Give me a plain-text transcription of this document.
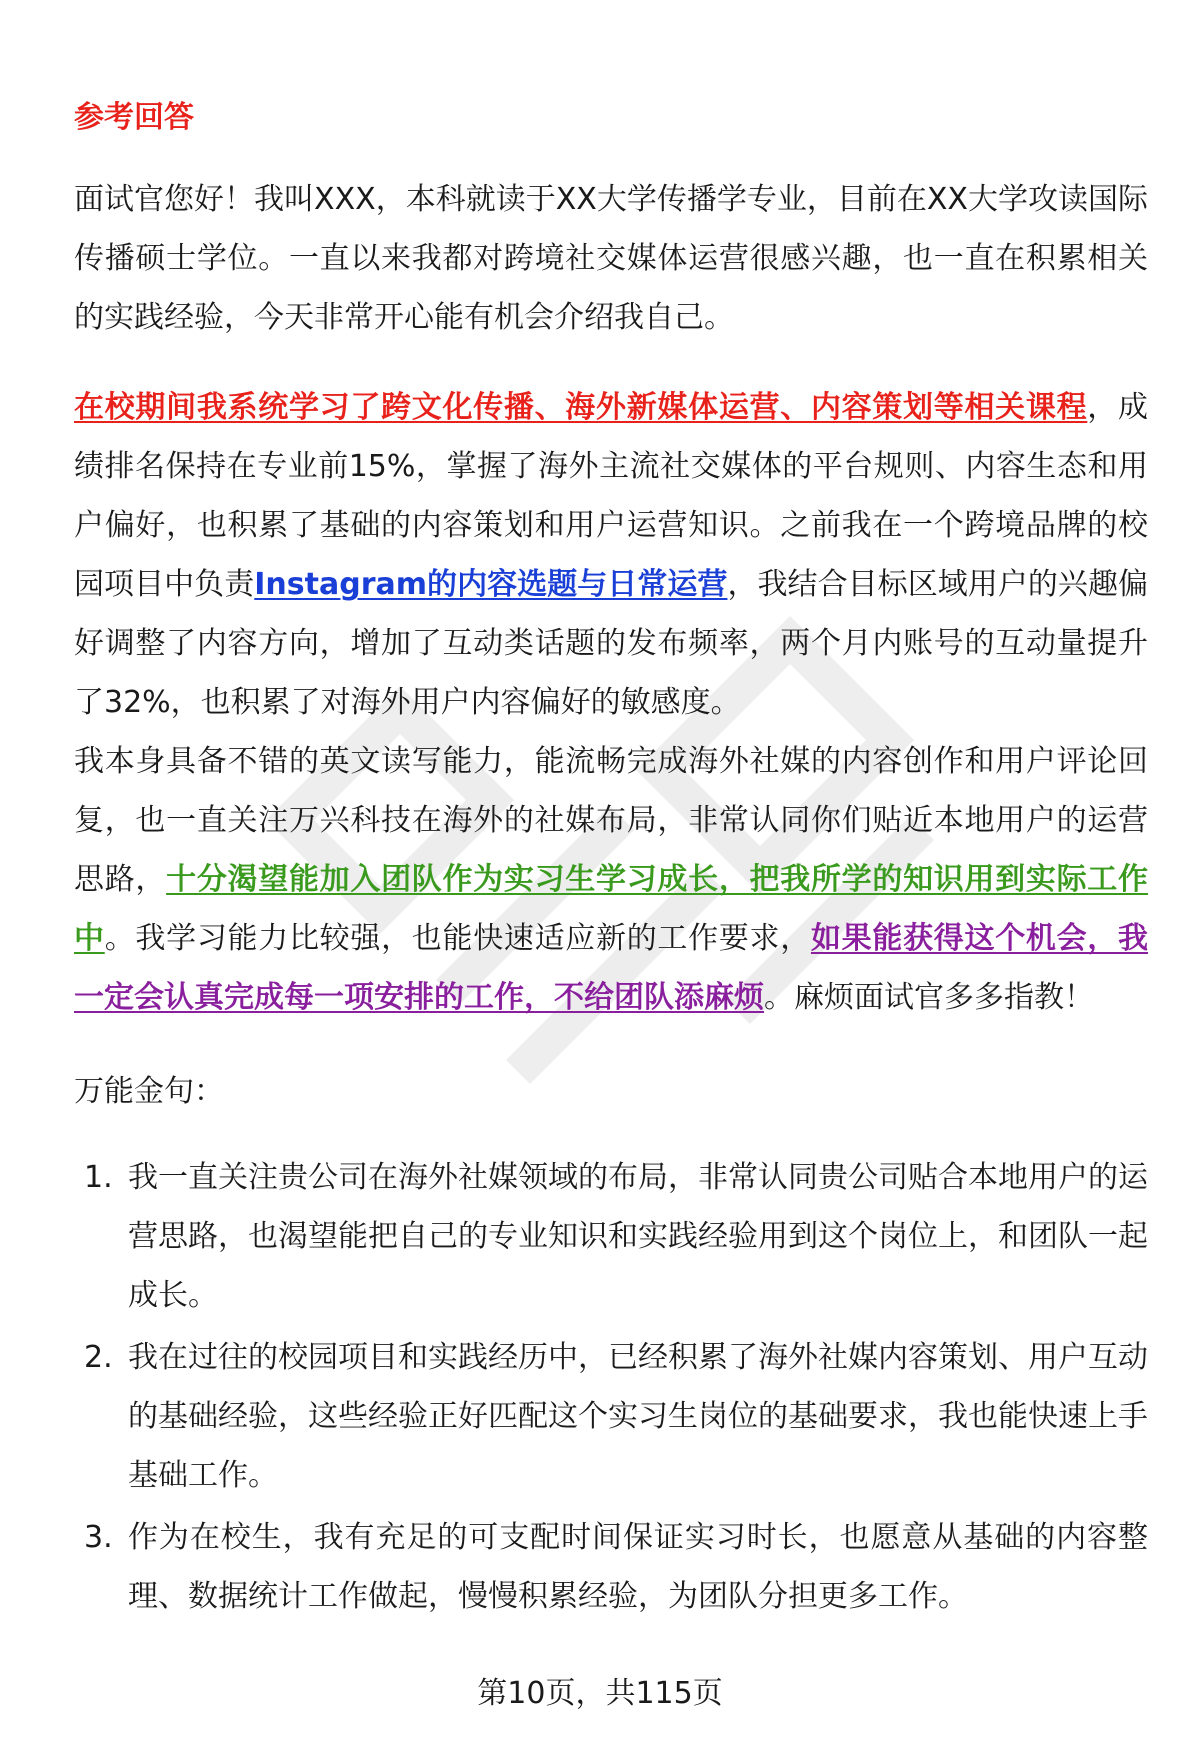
参考回答

面试官您好！我叫XXX，本科就读于XX大学传播学专业，目前在XX大学攻读国际传播硕士学位。一直以来我都对跨境社交媒体运营很感兴趣，也一直在积累相关的实践经验，今天非常开心能有机会介绍我自己。

在校期间我系统学习了跨文化传播、海外新媒体运营、内容策划等相关课程，成绩排名保持在专业前15%，掌握了海外主流社交媒体的平台规则、内容生态和用户偏好，也积累了基础的内容策划和用户运营知识。之前我在一个跨境品牌的校园项目中负责Instagram的内容选题与日常运营，我结合目标区域用户的兴趣偏好调整了内容方向，增加了互动类话题的发布频率，两个月内账号的互动量提升了32%，也积累了对海外用户内容偏好的敏感度。
我本身具备不错的英文读写能力，能流畅完成海外社媒的内容创作和用户评论回复，也一直关注万兴科技在海外的社媒布局，非常认同你们贴近本地用户的运营思路，十分渴望能加入团队作为实习生学习成长，把我所学的知识用到实际工作中。我学习能力比较强，也能快速适应新的工作要求，如果能获得这个机会，我一定会认真完成每一项安排的工作，不给团队添麻烦。麻烦面试官多多指教！

万能金句：
1. 我一直关注贵公司在海外社媒领域的布局，非常认同贵公司贴合本地用户的运营思路，也渴望能把自己的专业知识和实践经验用到这个岗位上，和团队一起成长。
2. 我在过往的校园项目和实践经历中，已经积累了海外社媒内容策划、用户互动的基础经验，这些经验正好匹配这个实习生岗位的基础要求，我也能快速上手基础工作。
3. 作为在校生，我有充足的可支配时间保证实习时长，也愿意从基础的内容整理、数据统计工作做起，慢慢积累经验，为团队分担更多工作。
第10页，共115页
